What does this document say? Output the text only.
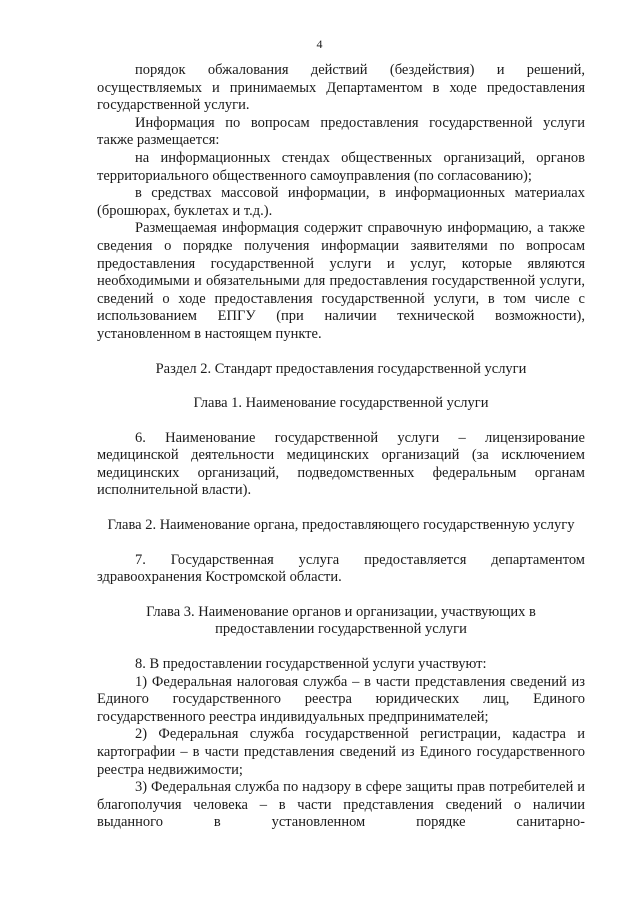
4

порядок обжалования действий (бездействия) и решений, осуществляемых и принимаемых Департаментом в ходе предоставления государственной услуги.

Информация по вопросам предоставления государственной услуги также размещается:

на информационных стендах общественных организаций, органов территориального общественного самоуправления (по согласованию);

в средствах массовой информации, в информационных материалах (брошюрах, буклетах и т.д.).

Размещаемая информация содержит справочную информацию, а также сведения о порядке получения информации заявителями по вопросам предоставления государственной услуги и услуг, которые являются необходимыми и обязательными для предоставления государственной услуги, сведений о ходе предоставления государственной услуги, в том числе с использованием ЕПГУ (при наличии технической возможности), установленном в настоящем пункте.

Раздел 2. Стандарт предоставления государственной услуги

Глава 1. Наименование государственной услуги

6. Наименование государственной услуги – лицензирование медицинской деятельности медицинских организаций (за исключением медицинских организаций, подведомственных федеральным органам исполнительной власти).

Глава 2. Наименование органа, предоставляющего государственную услугу

7. Государственная услуга предоставляется департаментом здравоохранения Костромской области.

Глава 3. Наименование органов и организации, участвующих в предоставлении государственной услуги

8. В предоставлении государственной услуги участвуют:

1) Федеральная налоговая служба – в части представления сведений из Единого государственного реестра юридических лиц, Единого государственного реестра индивидуальных предпринимателей;

2) Федеральная служба государственной регистрации, кадастра и картографии – в части представления сведений из Единого государственного реестра недвижимости;

3) Федеральная служба по надзору в сфере защиты прав потребителей и благополучия человека – в части представления сведений о наличии выданного в установленном порядке санитарно-
